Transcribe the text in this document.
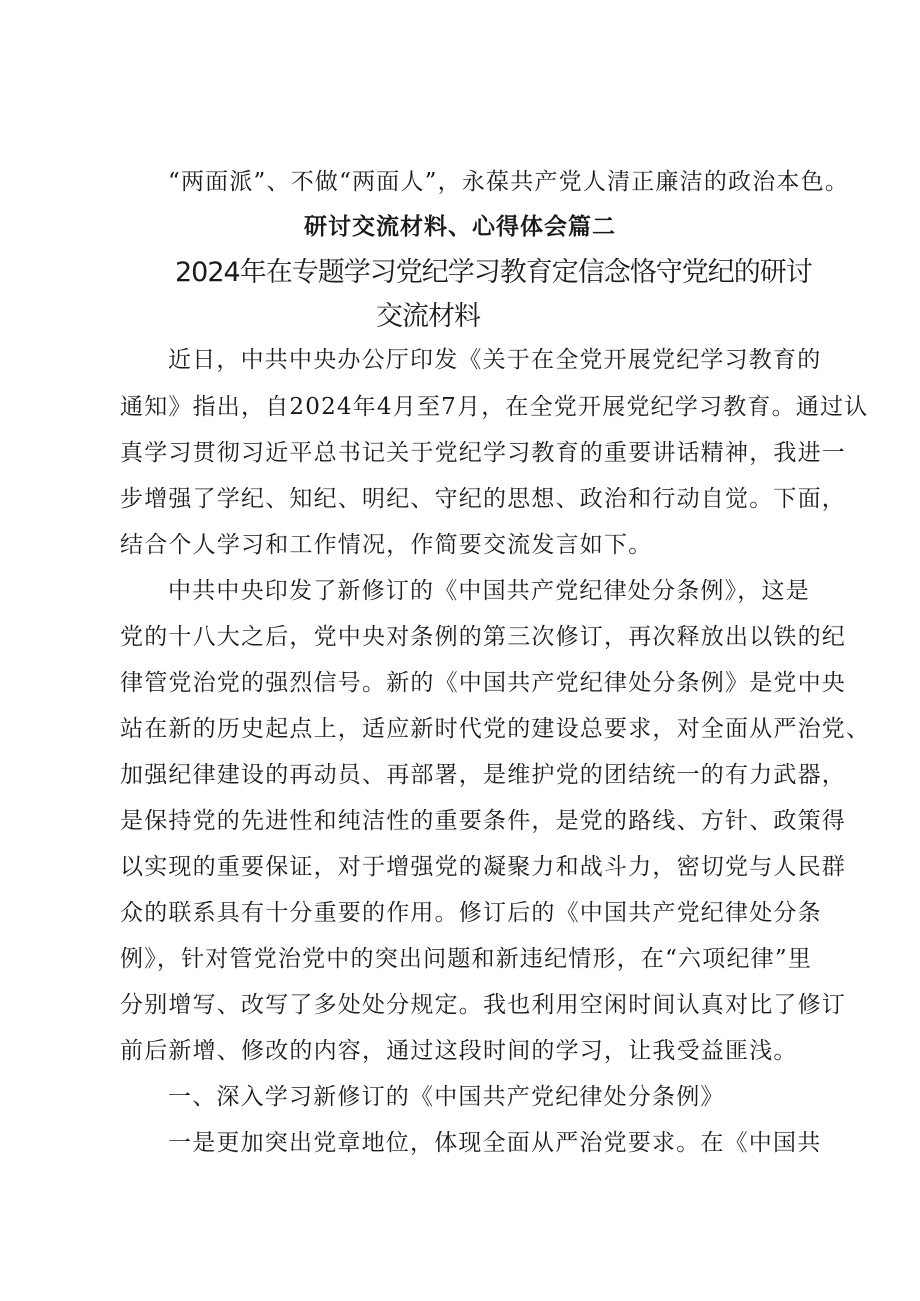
“两面派”、不做“两面人”，永葆共产党人清正廉洁的政治本色。
研讨交流材料、心得体会篇二
2024年在专题学习党纪学习教育定信念恪守党纪的研讨
交流材料
近日，中共中央办公厅印发《关于在全党开展党纪学习教育的
通知》指出，自2024年4月至7月，在全党开展党纪学习教育。通过认
真学习贯彻习近平总书记关于党纪学习教育的重要讲话精神，我进一
步增强了学纪、知纪、明纪、守纪的思想、政治和行动自觉。下面，
结合个人学习和工作情况，作简要交流发言如下。
中共中央印发了新修订的《中国共产党纪律处分条例》，这是
党的十八大之后，党中央对条例的第三次修订，再次释放出以铁的纪
律管党治党的强烈信号。新的《中国共产党纪律处分条例》是党中央
站在新的历史起点上，适应新时代党的建设总要求，对全面从严治党、
加强纪律建设的再动员、再部署，是维护党的团结统一的有力武器，
是保持党的先进性和纯洁性的重要条件，是党的路线、方针、政策得
以实现的重要保证，对于增强党的凝聚力和战斗力，密切党与人民群
众的联系具有十分重要的作用。修订后的《中国共产党纪律处分条
例》，针对管党治党中的突出问题和新违纪情形，在“六项纪律”里
分别增写、改写了多处处分规定。我也利用空闲时间认真对比了修订
前后新增、修改的内容，通过这段时间的学习，让我受益匪浅。
一、深入学习新修订的《中国共产党纪律处分条例》
一是更加突出党章地位，体现全面从严治党要求。在《中国共
